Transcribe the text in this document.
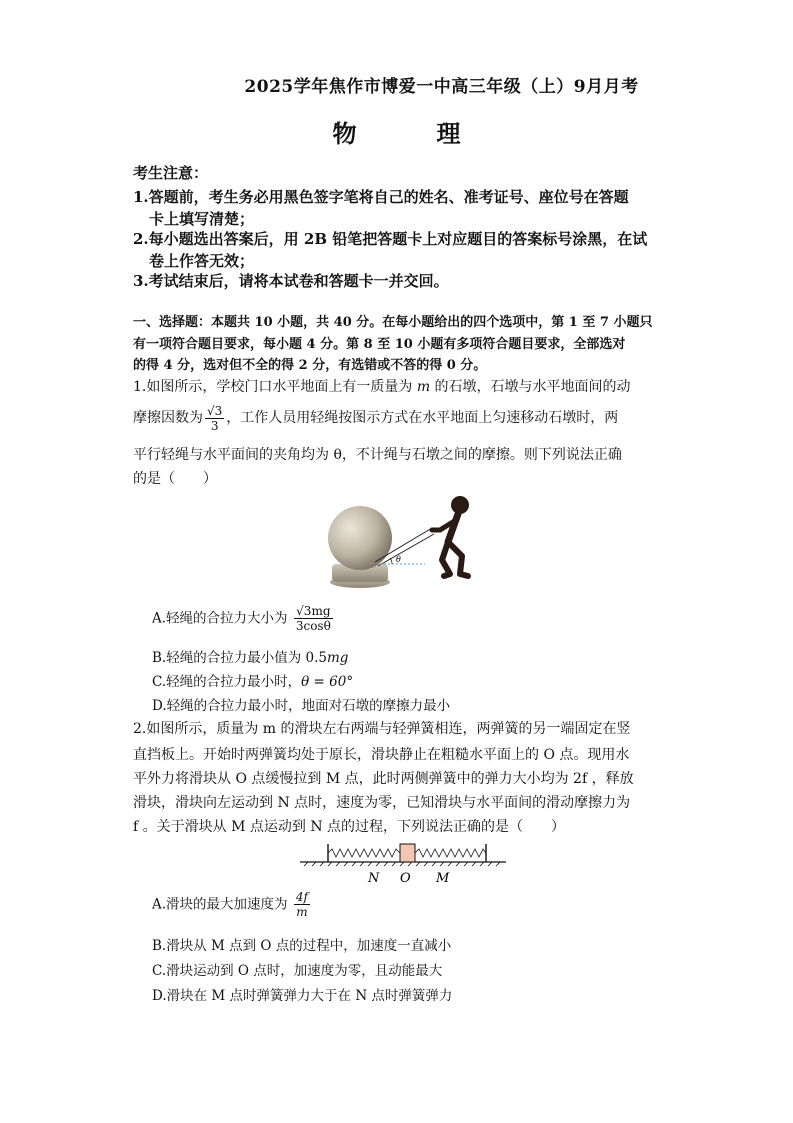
2025学年焦作市博爱一中高三年级（上）9月月考
物　理
考生注意：
1.答题前，考生务必用黑色签字笔将自己的姓名、准考证号、座位号在答题
卡上填写清楚；
2.每小题选出答案后，用 2B 铅笔把答题卡上对应题目的答案标号涂黑，在试
卷上作答无效；
3.考试结束后，请将本试卷和答题卡一并交回。
一、选择题：本题共 10 小题，共 40 分。在每小题给出的四个选项中，第 1 至 7 小题只
有一项符合题目要求，每小题 4 分。第 8 至 10 小题有多项符合题目要求，全部选对
的得 4 分，选对但不全的得 2 分，有选错或不答的得 0 分。
1.如图所示，学校门口水平地面上有一质量为 m 的石墩，石墩与水平地面间的动
摩擦因数为 $\frac{√3}{3}$ ，工作人员用轻绳按图示方式在水平地面上匀速移动石墩时，两
平行轻绳与水平面间的夹角均为 θ，不计绳与石墩之间的摩擦。则下列说法正确
的是（　　）
θ
A.轻绳的合拉力大小为 $\frac{√3mg}{3\cos\theta}$
B.轻绳的合拉力最小值为 0.5mg
C.轻绳的合拉力最小时，θ = 60°
D.轻绳的合拉力最小时，地面对石墩的摩擦力最小
2.如图所示，质量为 m 的滑块左右两端与轻弹簧相连，两弹簧的另一端固定在竖
直挡板上。开始时两弹簧均处于原长，滑块静止在粗糙水平面上的 O 点。现用水
平外力将滑块从 O 点缓慢拉到 M 点，此时两侧弹簧中的弹力大小均为 2f ，释放
滑块，滑块向左运动到 N 点时，速度为零，已知滑块与水平面间的滑动摩擦力为
f 。关于滑块从 M 点运动到 N 点的过程，下列说法正确的是（　　）
N O M
A.滑块的最大加速度为 $\frac{4f}{m}$
B.滑块从 M 点到 O 点的过程中，加速度一直减小
C.滑块运动到 O 点时，加速度为零，且动能最大
D.滑块在 M 点时弹簧弹力大于在 N 点时弹簧弹力
